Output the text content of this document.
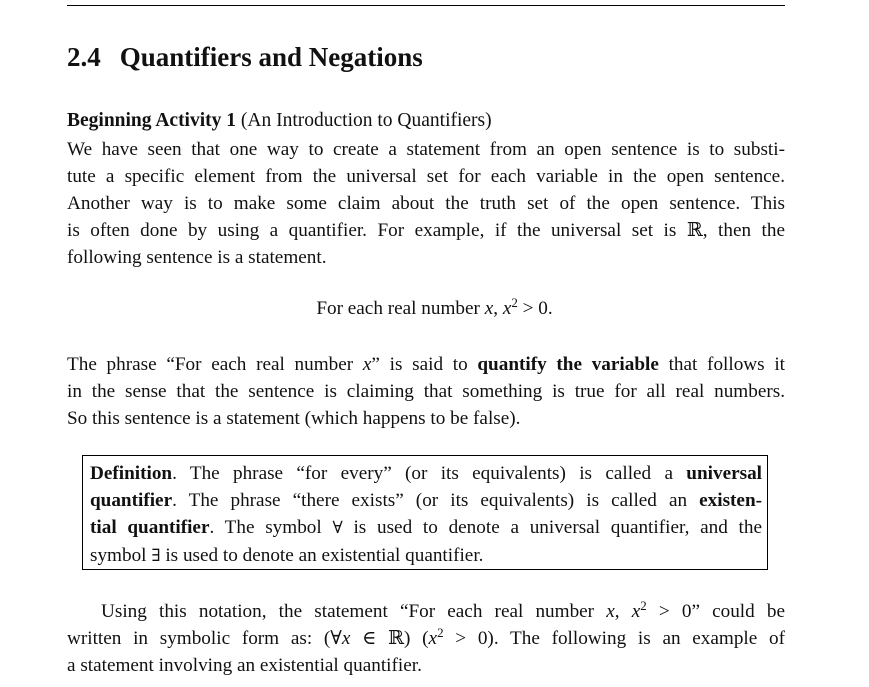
2.4 Quantifiers and Negations
Beginning Activity 1 (An Introduction to Quantifiers)
We have seen that one way to create a statement from an open sentence is to substi-
tute a specific element from the universal set for each variable in the open sentence.
Another way is to make some claim about the truth set of the open sentence. This
is often done by using a quantifier. For example, if the universal set is ℝ, then the
following sentence is a statement.
For each real number x, $x^2 > 0$.
The phrase “For each real number x” is said to quantify the variable that follows it
in the sense that the sentence is claiming that something is true for all real numbers.
So this sentence is a statement (which happens to be false).
Definition. The phrase “for every” (or its equivalents) is called a universal
quantifier. The phrase “there exists” (or its equivalents) is called an existen-
tial quantifier. The symbol ∀ is used to denote a universal quantifier, and the
symbol ∃ is used to denote an existential quantifier.
Using this notation, the statement “For each real number x, $x^2 > 0$” could be
written in symbolic form as: (∀x ∈ ℝ) $(x^2 > 0)$. The following is an example of
a statement involving an existential quantifier.
